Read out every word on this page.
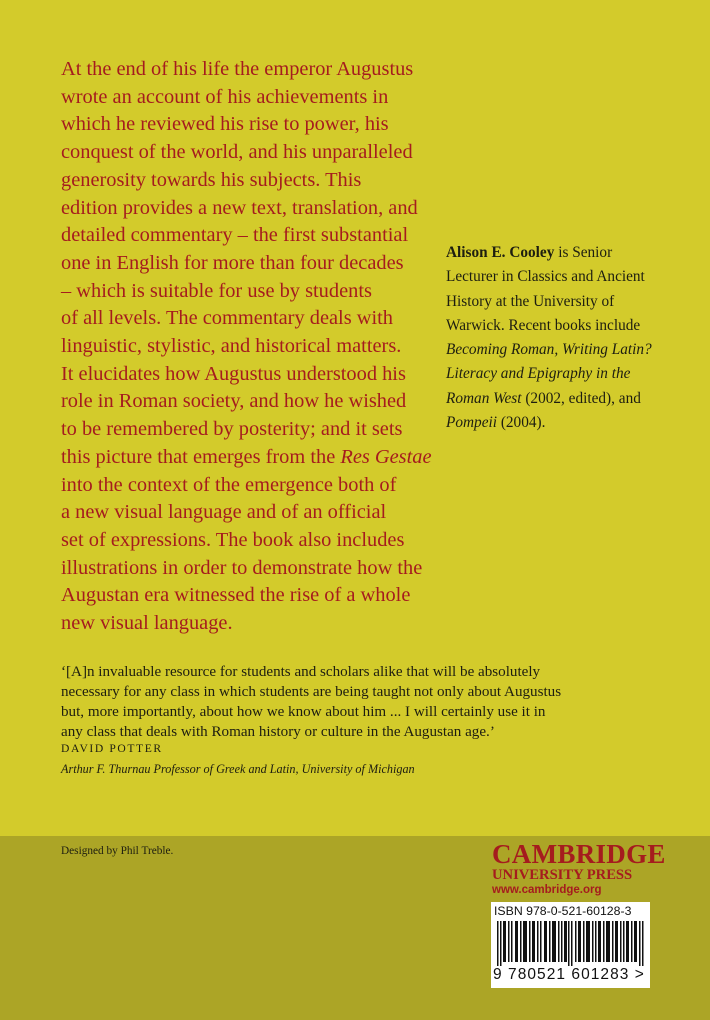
At the end of his life the emperor Augustus
wrote an account of his achievements in
which he reviewed his rise to power, his
conquest of the world, and his unparalleled
generosity towards his subjects. This
edition provides a new text, translation, and
detailed commentary – the first substantial
one in English for more than four decades
– which is suitable for use by students
of all levels. The commentary deals with
linguistic, stylistic, and historical matters.
It elucidates how Augustus understood his
role in Roman society, and how he wished
to be remembered by posterity; and it sets
this picture that emerges from the Res Gestae
into the context of the emergence both of
a new visual language and of an official
set of expressions. The book also includes
illustrations in order to demonstrate how the
Augustan era witnessed the rise of a whole
new visual language.

Alison E. Cooley is Senior
Lecturer in Classics and Ancient
History at the University of
Warwick. Recent books include
Becoming Roman, Writing Latin?
Literacy and Epigraphy in the
Roman West (2002, edited), and
Pompeii (2004).

‘[A]n invaluable resource for students and scholars alike that will be absolutely
necessary for any class in which students are being taught not only about Augustus
but, more importantly, about how we know about him ... I will certainly use it in
any class that deals with Roman history or culture in the Augustan age.’

DAVID POTTER

Arthur F. Thurnau Professor of Greek and Latin, University of Michigan

Designed by Phil Treble.	CAMBRIDGE

UNIVERSITY PRESS

www.cambridge.org

ISBN 978-0-521-60128-3

9 780521 601283 >
